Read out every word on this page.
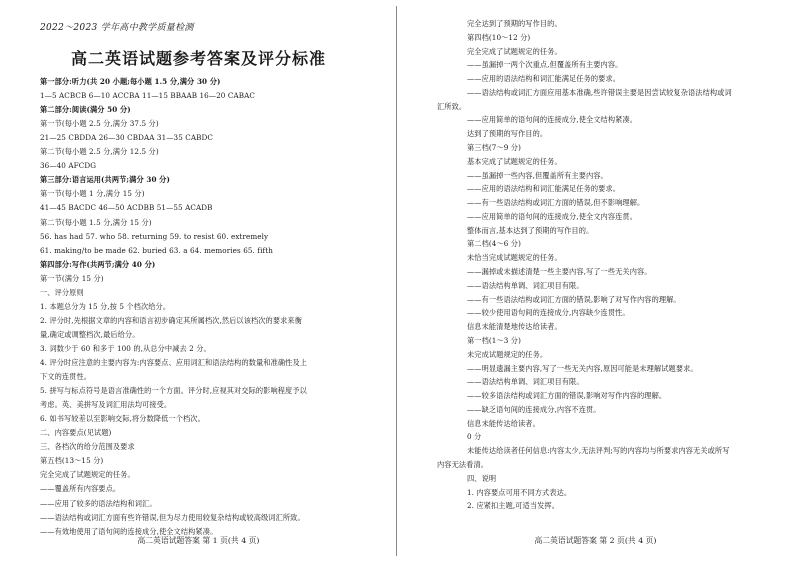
2022～2023 学年高中教学质量检测
高二英语试题参考答案及评分标准
第一部分:听力(共 20 小题;每小题 1.5 分,满分 30 分)
1—5 ACBCB 6—10 ACCBA 11—15 BBAAB 16—20 CABAC
第二部分:阅读(满分 50 分)
第一节(每小题 2.5 分,满分 37.5 分)
21—25 CBDDA 26—30 CBDAA 31—35 CABDC
第二节(每小题 2.5 分,满分 12.5 分)
36—40 AFCDG
第三部分:语言运用(共两节;满分 30 分)
第一节(每小题 1 分,满分 15 分)
41—45 BACDC 46—50 ACDBB 51—55 ACADB
第二节(每小题 1.5 分,满分 15 分)
56. has had 57. who 58. returning 59. to resist 60. extremely
61. making/to be made 62. buried 63. a 64. memories 65. fifth
第四部分:写作(共两节;满分 40 分)
第一节(满分 15 分)
一、评分原则
1. 本题总分为 15 分,按 5 个档次给分。
2. 评分时,先根据文章的内容和语言初步确定其所属档次,然后以该档次的要求来衡
量,确定或调整档次,最后给分。
3. 词数少于 60 和多于 100 的,从总分中减去 2 分。
4. 评分时应注意的主要内容为:内容要点、应用词汇和语法结构的数量和准确性及上
下文的连贯性。
5. 拼写与标点符号是语言准确性的一个方面。评分时,应视其对交际的影响程度予以
考虑。英、美拼写及词汇用法均可接受。
6. 如书写较差以至影响交际,将分数降低一个档次。
二、内容要点(见试题)
三、各档次的给分范围及要求
第五档(13～15 分)
完全完成了试题规定的任务。
——覆盖所有内容要点。
——应用了较多的语法结构和词汇。
——语法结构或词汇方面有些许错误,但为尽力使用较复杂结构或较高级词汇所致。
——有效地使用了语句间的连接成分,使全文结构紧凑。
高二英语试题答案 第 1 页(共 4 页)
完全达到了预期的写作目的。
第四档(10～12 分)
完全完成了试题规定的任务。
——虽漏掉一两个次重点,但覆盖所有主要内容。
——应用的语法结构和词汇能满足任务的要求。
——语法结构或词汇方面应用基本准确,些许错误主要是因尝试较复杂语法结构或词
汇所致。
——应用简单的语句间的连接成分,使全文结构紧凑。
达到了预期的写作目的。
第三档(7～9 分)
基本完成了试题规定的任务。
——虽漏掉一些内容,但覆盖所有主要内容。
——应用的语法结构和词汇能满足任务的要求。
——有一些语法结构或词汇方面的错误,但不影响理解。
——应用简单的语句间的连接成分,使全文内容连贯。
整体而言,基本达到了预期的写作目的。
第二档(4～6 分)
未恰当完成试题规定的任务。
——漏掉或未描述清楚一些主要内容,写了一些无关内容。
——语法结构单调、词汇项目有限。
——有一些语法结构或词汇方面的错误,影响了对写作内容的理解。
——较少使用语句间的连接成分,内容缺少连贯性。
信息未能清楚地传达给读者。
第一档(1～3 分)
未完成试题规定的任务。
——明显遗漏主要内容,写了一些无关内容,原因可能是未理解试题要求。
——语法结构单调、词汇项目有限。
——较多语法结构或词汇方面的错误,影响对写作内容的理解。
——缺乏语句间的连接成分,内容不连贯。
信息未能传达给读者。
0 分
未能传达给读者任何信息:内容太少,无法评判;写的内容均与所要求内容无关或所写
内容无法看清。
四、说明
1. 内容要点可用不同方式表达。
2. 应紧扣主题,可适当发挥。
高二英语试题答案 第 2 页(共 4 页)
